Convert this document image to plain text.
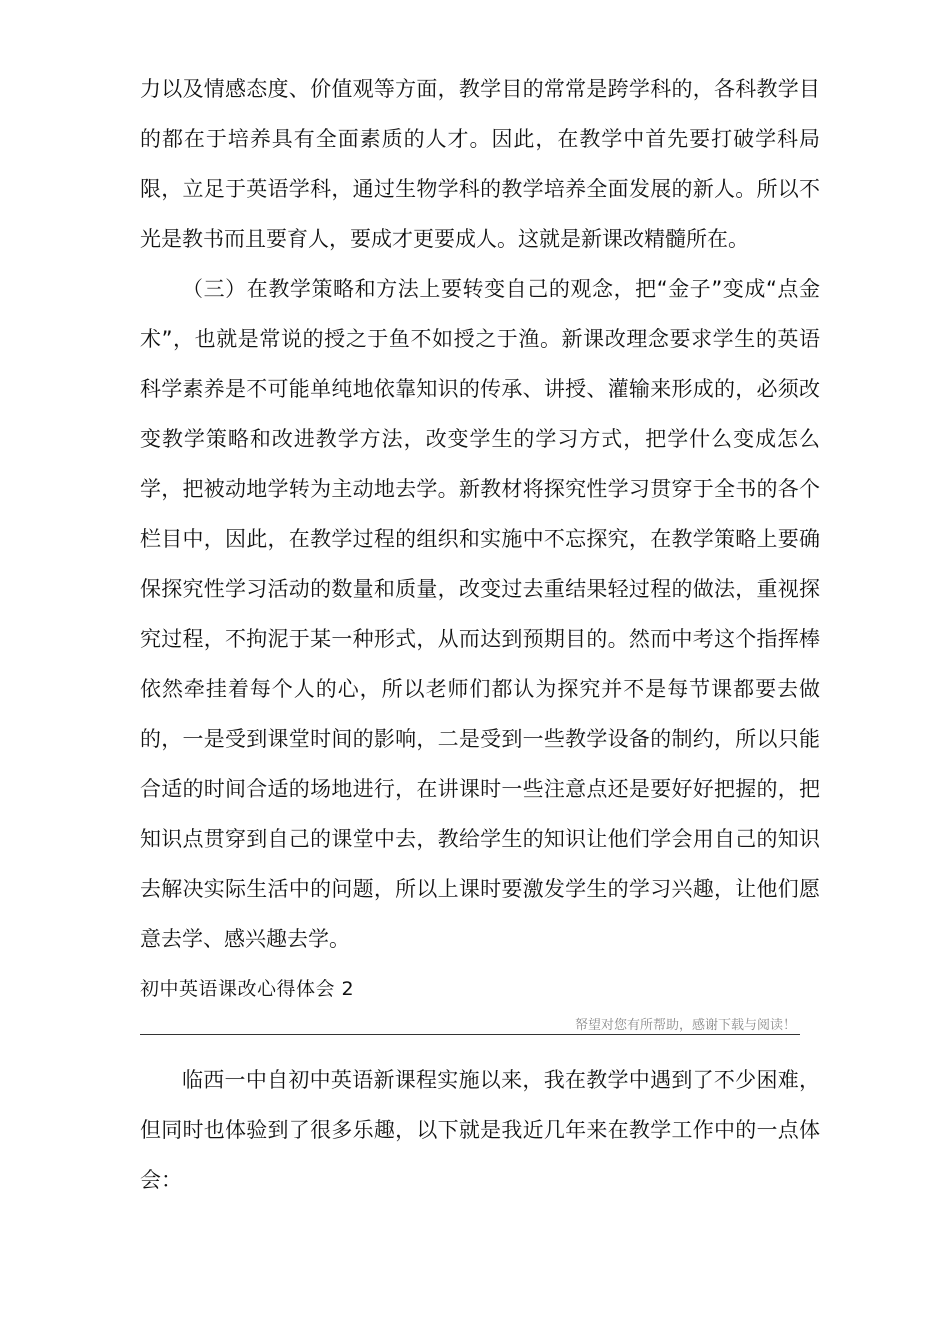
力以及情感态度、价值观等方面，教学目的常常是跨学科的，各科教学目的都在于培养具有全面素质的人才。因此，在教学中首先要打破学科局限，立足于英语学科，通过生物学科的教学培养全面发展的新人。所以不光是教书而且要育人，要成才更要成人。这就是新课改精髓所在。

（三）在教学策略和方法上要转变自己的观念，把“金子”变成“点金术”，也就是常说的授之于鱼不如授之于渔。新课改理念要求学生的英语科学素养是不可能单纯地依靠知识的传承、讲授、灌输来形成的，必须改变教学策略和改进教学方法，改变学生的学习方式，把学什么变成怎么学，把被动地学转为主动地去学。新教材将探究性学习贯穿于全书的各个栏目中，因此，在教学过程的组织和实施中不忘探究，在教学策略上要确保探究性学习活动的数量和质量，改变过去重结果轻过程的做法，重视探究过程，不拘泥于某一种形式，从而达到预期目的。然而中考这个指挥棒依然牵挂着每个人的心，所以老师们都认为探究并不是每节课都要去做的，一是受到课堂时间的影响，二是受到一些教学设备的制约，所以只能合适的时间合适的场地进行，在讲课时一些注意点还是要好好把握的，把知识点贯穿到自己的课堂中去，教给学生的知识让他们学会用自己的知识去解决实际生活中的问题，所以上课时要激发学生的学习兴趣，让他们愿意去学、感兴趣去学。

初中英语课改心得体会 2

帑望对您有所帮助，感谢下载与阅读！

临西一中自初中英语新课程实施以来，我在教学中遇到了不少困难，但同时也体验到了很多乐趣，以下就是我近几年来在教学工作中的一点体会：
